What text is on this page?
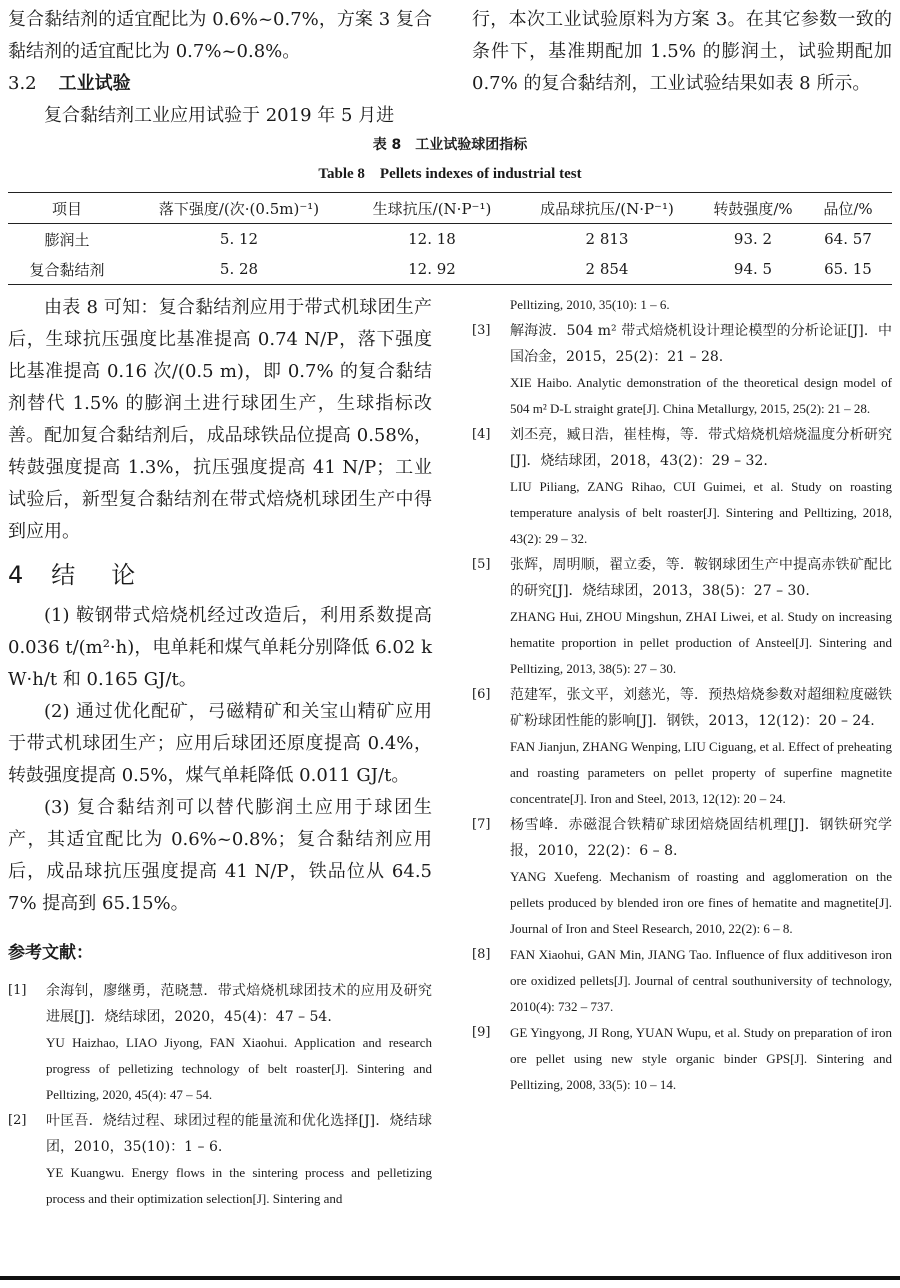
复合黏结剂的适宜配比为 0.6%~0.7%，方案 3 复合黏结剂的适宜配比为 0.7%~0.8%。

3.2 工业试验

复合黏结剂工业应用试验于 2019 年 5 月进

行，本次工业试验原料为方案 3。在其它参数一致的条件下，基准期配加 1.5% 的膨润土，试验期配加 0.7% 的复合黏结剂，工业试验结果如表 8 所示。

表 8　工业试验球团指标

Table 8　Pellets indexes of industrial test

项目	落下强度/(次·(0.5m)⁻¹)	生球抗压/(N·P⁻¹)	成品球抗压/(N·P⁻¹)	转鼓强度/%	品位/%
膨润土	5. 12	12. 18	2 813	93. 2	64. 57
复合黏结剂	5. 28	12. 92	2 854	94. 5	65. 15

由表 8 可知：复合黏结剂应用于带式机球团生产后，生球抗压强度比基准提高 0.74 N/P，落下强度比基准提高 0.16 次/(0.5 m)，即 0.7% 的复合黏结剂替代 1.5% 的膨润土进行球团生产，生球指标改善。配加复合黏结剂后，成品球铁品位提高 0.58%，转鼓强度提高 1.3%，抗压强度提高 41 N/P；工业试验后，新型复合黏结剂在带式焙烧机球团生产中得到应用。

4 结　论

(1) 鞍钢带式焙烧机经过改造后，利用系数提高 0.036 t/(m²·h)，电单耗和煤气单耗分别降低 6.02 kW·h/t 和 0.165 GJ/t。

(2) 通过优化配矿，弓磁精矿和关宝山精矿应用于带式机球团生产；应用后球团还原度提高 0.4%，转鼓强度提高 0.5%，煤气单耗降低 0.011 GJ/t。

(3) 复合黏结剂可以替代膨润土应用于球团生产，其适宜配比为 0.6%~0.8%；复合黏结剂应用后，成品球抗压强度提高 41 N/P，铁品位从 64.57% 提高到 65.15%。

参考文献：

[1]	余海钊，廖继勇，范晓慧．带式焙烧机球团技术的应用及研究进展[J]．烧结球团，2020，45(4)：47 – 54.
YU Haizhao, LIAO Jiyong, FAN Xiaohui. Application and research progress of pelletizing technology of belt roaster[J]. Sintering and Pelltizing, 2020, 45(4): 47 – 54.
[2]	叶匡吾．烧结过程、球团过程的能量流和优化选择[J]．烧结球团，2010，35(10)：1 – 6.
YE Kuangwu. Energy flows in the sintering process and pelletizing process and their optimization selection[J]. Sintering and

Pelltizing, 2010, 35(10): 1 – 6.

[3]	解海波．504 m² 带式焙烧机设计理论模型的分析论证[J]．中国冶金，2015，25(2)：21 – 28.
XIE Haibo. Analytic demonstration of the theoretical design model of 504 m² D-L straight grate[J]. China Metallurgy, 2015, 25(2): 21 – 28.
[4]	刘丕亮，臧日浩，崔桂梅，等．带式焙烧机焙烧温度分析研究[J]．烧结球团，2018，43(2)：29 – 32.
LIU Piliang, ZANG Rihao, CUI Guimei, et al. Study on roasting temperature analysis of belt roaster[J]. Sintering and Pelltizing, 2018, 43(2): 29 – 32.
[5]	张辉，周明顺，翟立委，等．鞍钢球团生产中提高赤铁矿配比的研究[J]．烧结球团，2013，38(5)：27 – 30.
ZHANG Hui, ZHOU Mingshun, ZHAI Liwei, et al. Study on increasing hematite proportion in pellet production of Ansteel[J]. Sintering and Pelltizing, 2013, 38(5): 27 – 30.
[6]	范建军，张文平，刘慈光，等．预热焙烧参数对超细粒度磁铁矿粉球团性能的影响[J]．钢铁，2013，12(12)：20 – 24.
FAN Jianjun, ZHANG Wenping, LIU Ciguang, et al. Effect of preheating and roasting parameters on pellet property of superfine magnetite concentrate[J]. Iron and Steel, 2013, 12(12): 20 – 24.
[7]	杨雪峰．赤磁混合铁精矿球团焙烧固结机理[J]．钢铁研究学报，2010，22(2)：6 – 8.
YANG Xuefeng. Mechanism of roasting and agglomeration on the pellets produced by blended iron ore fines of hematite and magnetite[J]. Journal of Iron and Steel Research, 2010, 22(2): 6 – 8.
[8]	FAN Xiaohui, GAN Min, JIANG Tao. Influence of flux additiveson iron ore oxidized pellets[J]. Journal of central southuniversity of technology, 2010(4): 732 – 737.
[9]	GE Yingyong, JI Rong, YUAN Wupu, et al. Study on preparation of iron ore pellet using new style organic binder GPS[J]. Sintering and Pelltizing, 2008, 33(5): 10 – 14.
